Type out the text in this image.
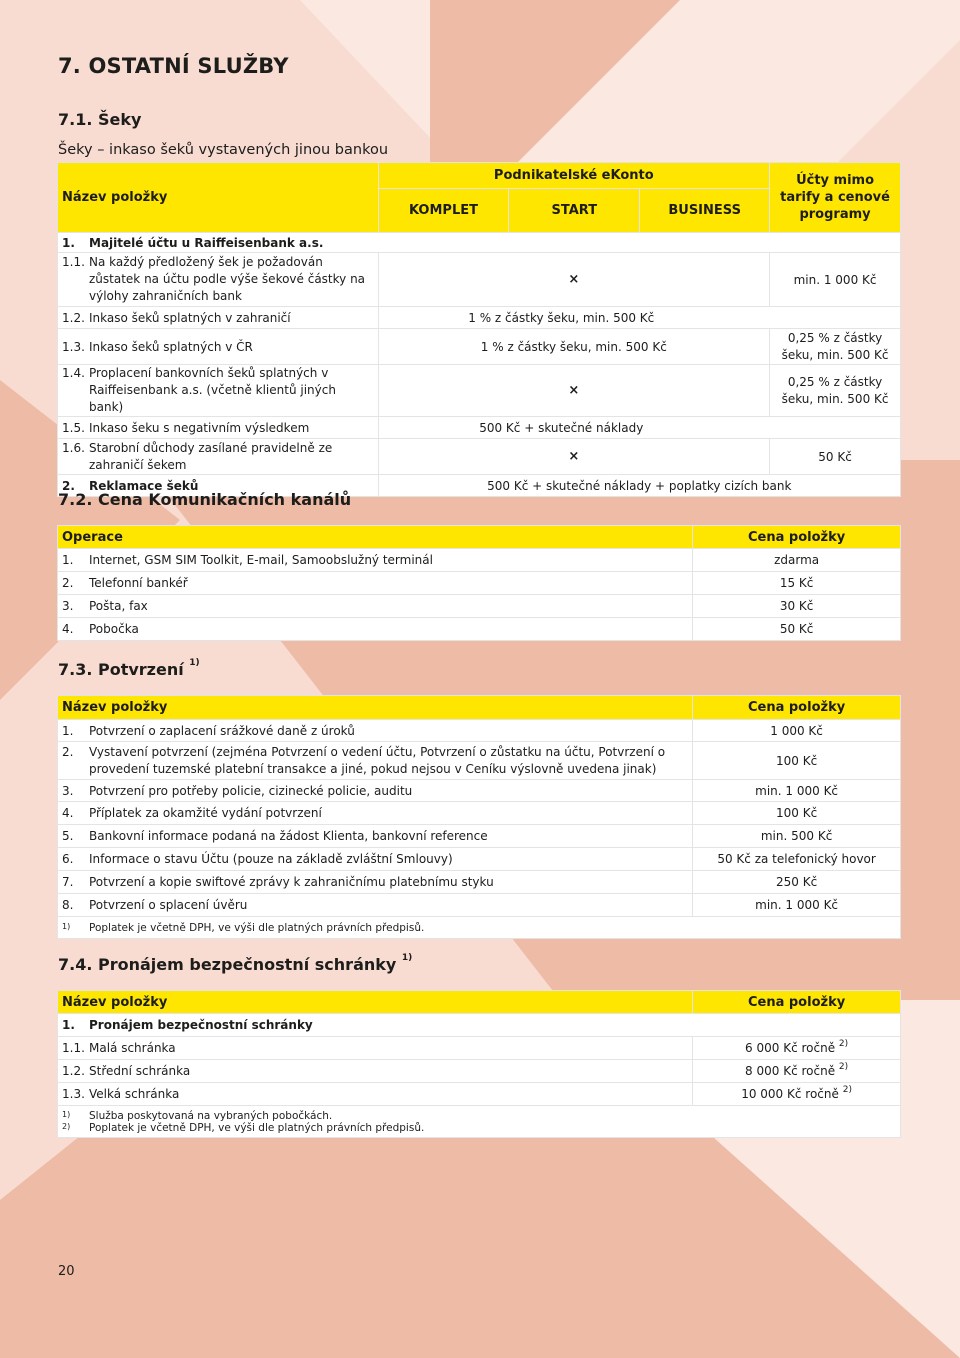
7. OSTATNÍ SLUŽBY
7.1. Šeky
Šeky – inkaso šeků vystavených jinou bankou
Název položky	Podnikatelské eKonto			Účty mimo tarify a cenové programy

	KOMPLET	START	BUSINESS	
1. Majitelé účtu u Raiffeisenbank a.s.				

1.1. Na každý předložený šek je požadován zůstatek na účtu podle výše šekové částky na výlohy zahraničních bank	×			min. 1 000 Kč
1.2. Inkaso šeků splatných v zahraničí	1 % z částky šeku, min. 500 Kč			
1.3. Inkaso šeků splatných v ČR	1 % z částky šeku, min. 500 Kč			0,25 % z částky šeku, min. 500 Kč

1.4. Proplacení bankovních šeků splatných v Raiffeisenbank a.s. (včetně klientů jiných bank)	×			0,25 % z částky šeku, min. 500 Kč

1.5. Inkaso šeku s negativním výsledkem	500 Kč + skutečné náklady			

1.6. Starobní důchody zasílané pravidelně ze zahraničí šekem	×			50 Kč
2. Reklamace šeků	500 Kč + skutečné náklady + poplatky cizích bank			
7.2. Cena Komunikačních kanálů
Operace	Cena položky
1. Internet, GSM SIM Toolkit, E-mail, Samoobslužný terminál	zdarma
2. Telefonní bankéř	15 Kč
3. Pošta, fax	30 Kč
4. Pobočka	50 Kč
7.3. Potvrzení $^{1)}$
Název položky	Cena položky
1. Potvrzení o zaplacení srážkové daně z úroků	1 000 Kč

2. Vystavení potvrzení (zejména Potvrzení o vedení účtu, Potvrzení o zůstatku na účtu, Potvrzení o provedení tuzemské platební transakce a jiné, pokud nejsou v Ceníku výslovně uvedena jinak)	100 Kč
3. Potvrzení pro potřeby policie, cizinecké policie, auditu	min. 1 000 Kč
4. Příplatek za okamžité vydání potvrzení	100 Kč
5. Bankovní informace podaná na žádost Klienta, bankovní reference	min. 500 Kč
6. Informace o stavu Účtu (pouze na základě zvláštní Smlouvy)	50 Kč za telefonický hovor
7. Potvrzení a kopie swiftové zprávy k zahraničnímu platebnímu styku	250 Kč
8. Potvrzení o splacení úvěru	min. 1 000 Kč
1) Poplatek je včetně DPH, ve výši dle platných právních předpisů.	
7.4. Pronájem bezpečnostní schránky $^{1)}$
Název položky	Cena položky
1. Pronájem bezpečnostní schránky	
1.1. Malá schránka	6 000 Kč ročně $^{2)}$
1.2. Střední schránka	8 000 Kč ročně $^{2)}$
1.3. Velká schránka	10 000 Kč ročně $^{2)}$

1) Služba poskytovaná na vybraných pobočkách.
2) Poplatek je včetně DPH, ve výši dle platných právních předpisů.	
20
